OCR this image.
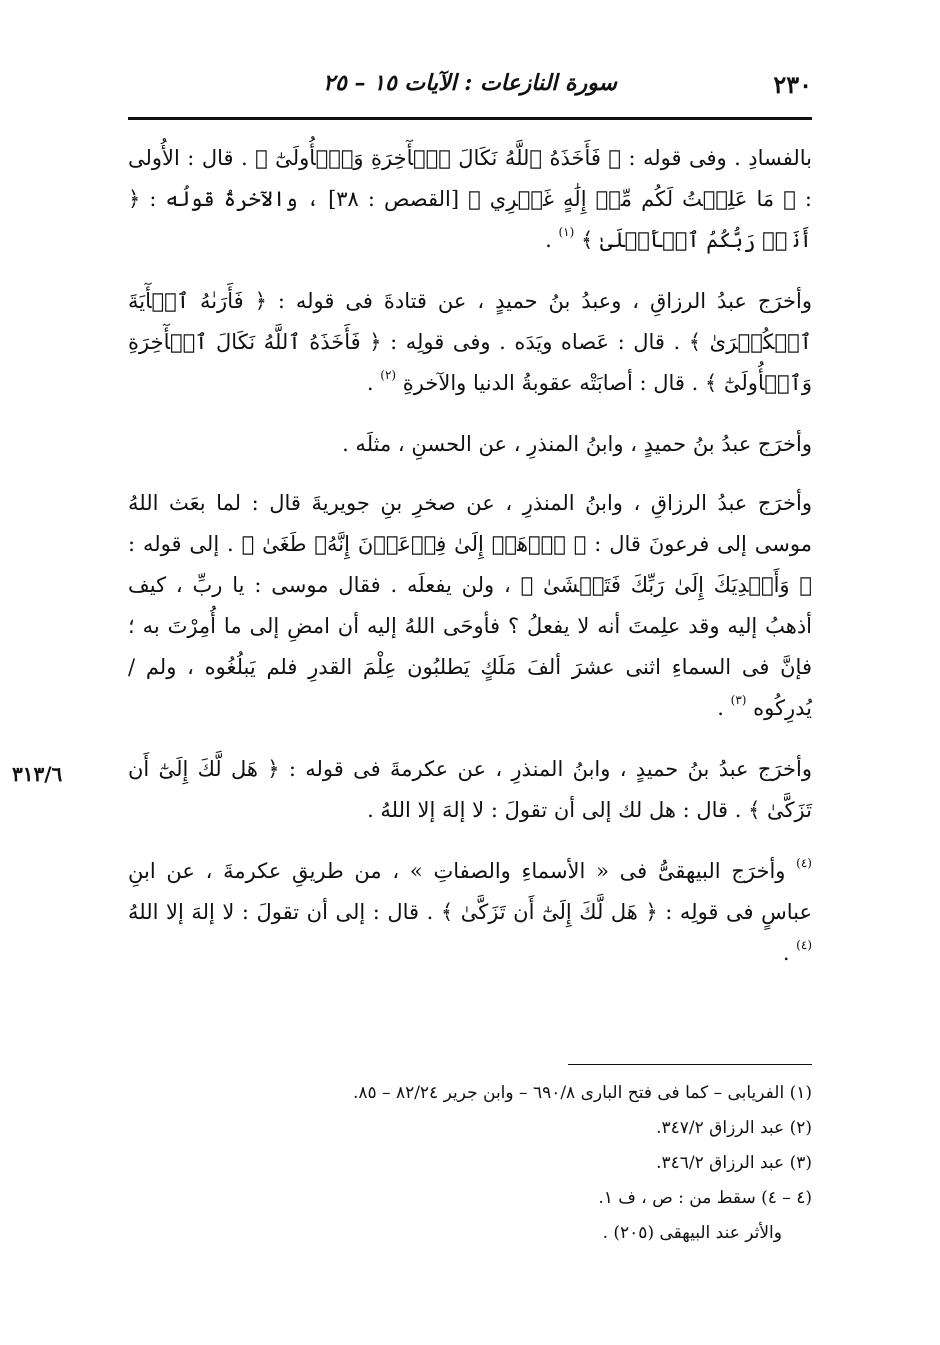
٢٣٠
سورة النازعات : الآيات ١٥ – ٢٥

بالفسادِ . وفى قوله : ﴿ فَأَخَذَهُ ٱللَّهُ نَكَالَ ٱلۡأٓخِرَةِ وَٱلۡأُولَىٰٓ ﴾ . قال : الأُولى : ﴿ مَا عَلِمۡتُ لَكُم مِّنۡ إِلَٰهٍ غَيۡرِي ﴾ [القصص : ٣٨] ، والآخرةُ قولُه : ﴿ أَنَا۠ رَبُّكُمُ ٱلۡأَعۡلَىٰ ﴾ $^{(١)}$ .

وأخرَج عبدُ الرزاقِ ، وعبدُ بنُ حميدٍ ، عن قتادةَ فى قوله : ﴿ فَأَرَىٰهُ ٱلۡأٓيَةَ ٱلۡكُبۡرَىٰ ﴾ . قال : عَصاه ويَدَه . وفى قولِه : ﴿ فَأَخَذَهُ ٱللَّهُ نَكَالَ ٱلۡأٓخِرَةِ وَٱلۡأُولَىٰٓ ﴾ . قال : أصابَتْه عقوبةُ الدنيا والآخرةِ $^{(٢)}$ .

وأخرَج عبدُ بنُ حميدٍ ، وابنُ المنذرِ ، عن الحسنِ ، مثلَه .

وأخرَج عبدُ الرزاقِ ، وابنُ المنذرِ ، عن صخرِ بنِ جويريةَ قال : لما بعَث اللهُ موسى إلى فرعونَ قال : ﴿ ٱذۡهَبۡ إِلَىٰ فِرۡعَوۡنَ إِنَّهُۥ طَغَىٰ ﴾ . إلى قوله : ﴿ وَأَهۡدِيَكَ إِلَىٰ رَبِّكَ فَتَخۡشَىٰ ﴾ ، ولن يفعلَه . فقال موسى : يا ربِّ ، كيف أذهبُ إليه وقد علِمتَ أنه لا يفعلُ ؟ فأوحَى اللهُ إليه أن امضِ إلى ما أُمِرْتَ به ؛ فإنَّ فى السماءِ اثنى عشرَ ألفَ مَلَكٍ يَطلبُون عِلْمَ القدرِ فلم يَبلُغُوه ، ولم /يُدرِكُوه $^{(٣)}$ .

وأخرَج عبدُ بنُ حميدٍ ، وابنُ المنذرِ ، عن عكرمةَ فى قوله : ﴿ هَل لَّكَ إِلَىٰٓ أَن تَزَكَّىٰ ﴾ . قال : هل لك إلى أن تقولَ : لا إلهَ إلا اللهُ .

$^{(٤)}$ وأخرَج البيهقىُّ فى « الأسماءِ والصفاتِ » ، من طريقِ عكرمةَ ، عن ابنِ عباسٍ فى قولِه : ﴿ هَل لَّكَ إِلَىٰٓ أَن تَزَكَّىٰ ﴾ . قال : إلى أن تقولَ : لا إلهَ إلا اللهُ $^{(٤)}$ .

٣١٣/٦

(١) الفريابى – كما فى فتح البارى ٦٩٠/٨ – وابن جرير ٨٢/٢٤ – ٨٥.

(٢) عبد الرزاق ٣٤٧/٢.

(٣) عبد الرزاق ٣٤٦/٢.

(٤ – ٤) سقط من : ص ، ف ١.

والأثر عند البيهقى (٢٠٥) .
